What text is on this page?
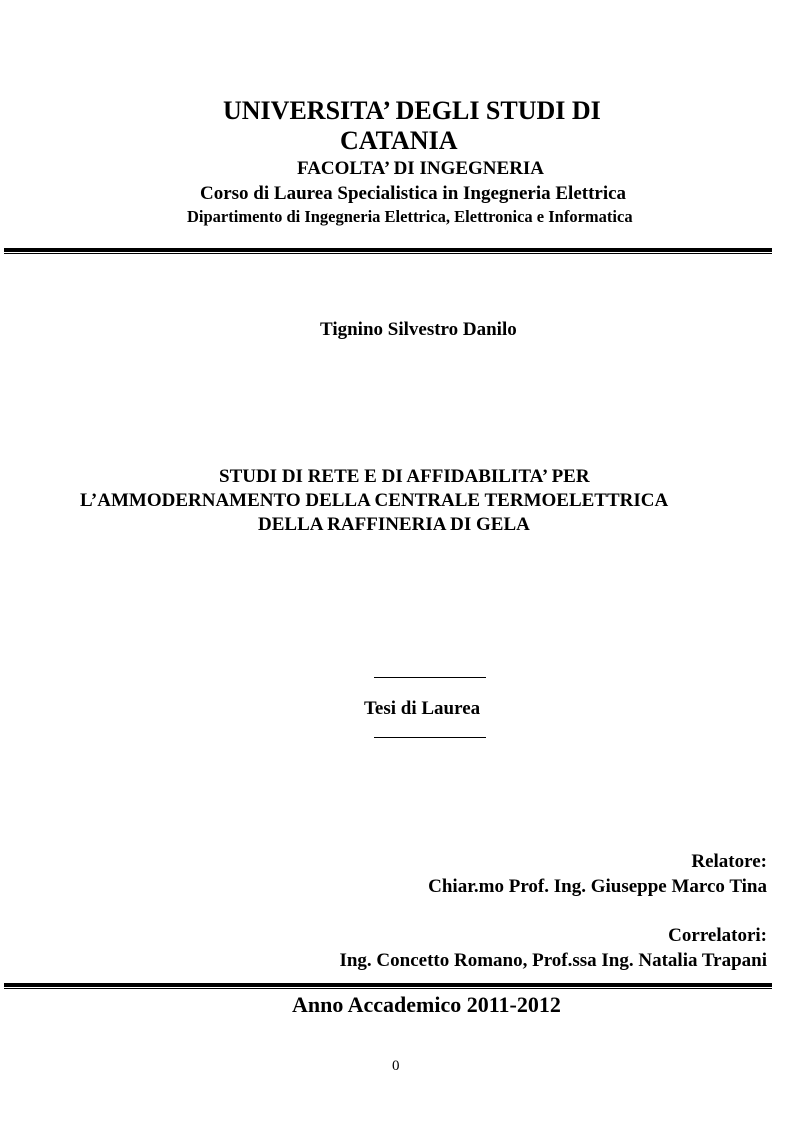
UNIVERSITA’ DEGLI STUDI DI
CATANIA
FACOLTA’ DI INGEGNERIA
Corso di Laurea Specialistica in Ingegneria Elettrica
Dipartimento di Ingegneria Elettrica, Elettronica e Informatica
Tignino Silvestro Danilo
STUDI DI RETE E DI AFFIDABILITA’ PER
L’AMMODERNAMENTO DELLA CENTRALE TERMOELETTRICA
DELLA RAFFINERIA DI GELA
Tesi di Laurea
Relatore:
Chiar.mo Prof. Ing. Giuseppe Marco Tina
Correlatori:
Ing. Concetto Romano, Prof.ssa Ing. Natalia Trapani
Anno Accademico 2011-2012
0
